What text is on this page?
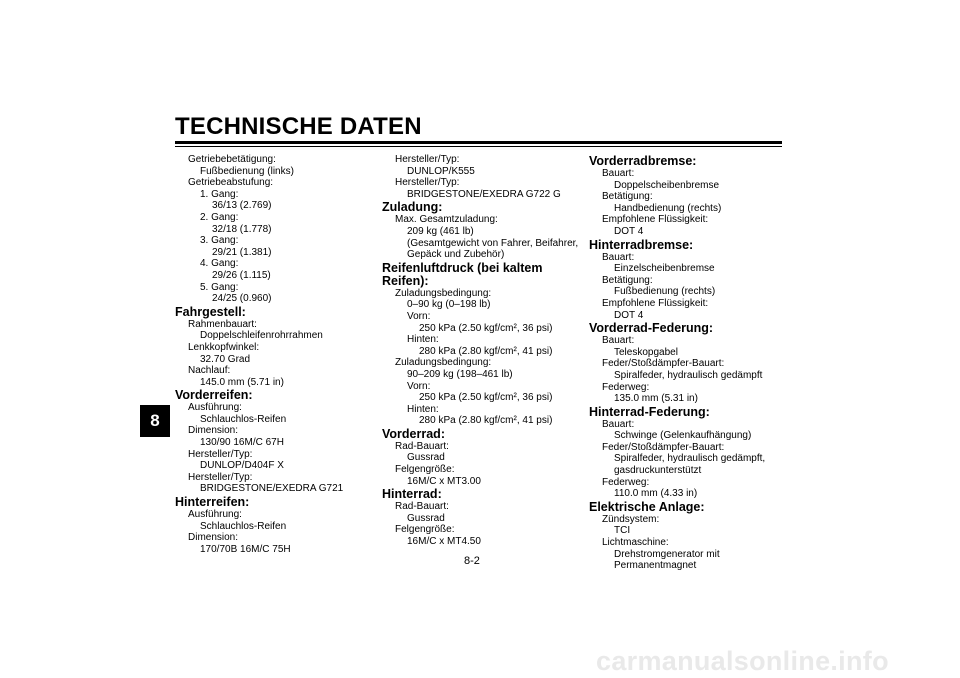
TECHNISCHE DATEN
8
Getriebebetätigung:
Fußbedienung (links)
Getriebeabstufung:
1. Gang:
36/13 (2.769)
2. Gang:
32/18 (1.778)
3. Gang:
29/21 (1.381)
4. Gang:
29/26 (1.115)
5. Gang:
24/25 (0.960)
Fahrgestell:
Rahmenbauart:
Doppelschleifenrohrrahmen
Lenkkopfwinkel:
32.70 Grad
Nachlauf:
145.0 mm (5.71 in)
Vorderreifen:
Ausführung:
Schlauchlos-Reifen
Dimension:
130/90 16M/C 67H
Hersteller/Typ:
DUNLOP/D404F X
Hersteller/Typ:
BRIDGESTONE/EXEDRA G721
Hinterreifen:
Ausführung:
Schlauchlos-Reifen
Dimension:
170/70B 16M/C 75H
Hersteller/Typ:
DUNLOP/K555
Hersteller/Typ:
BRIDGESTONE/EXEDRA G722 G
Zuladung:
Max. Gesamtzuladung:
209 kg (461 lb)
(Gesamtgewicht von Fahrer, Beifahrer,
Gepäck und Zubehör)
Reifenluftdruck (bei kaltem Reifen):
Zuladungsbedingung:
0–90 kg (0–198 lb)
Vorn:
250 kPa (2.50 kgf/cm², 36 psi)
Hinten:
280 kPa (2.80 kgf/cm², 41 psi)
Zuladungsbedingung:
90–209 kg (198–461 lb)
Vorn:
250 kPa (2.50 kgf/cm², 36 psi)
Hinten:
280 kPa (2.80 kgf/cm², 41 psi)
Vorderrad:
Rad-Bauart:
Gussrad
Felgengröße:
16M/C x MT3.00
Hinterrad:
Rad-Bauart:
Gussrad
Felgengröße:
16M/C x MT4.50
Vorderradbremse:
Bauart:
Doppelscheibenbremse
Betätigung:
Handbedienung (rechts)
Empfohlene Flüssigkeit:
DOT 4
Hinterradbremse:
Bauart:
Einzelscheibenbremse
Betätigung:
Fußbedienung (rechts)
Empfohlene Flüssigkeit:
DOT 4
Vorderrad-Federung:
Bauart:
Teleskopgabel
Feder/Stoßdämpfer-Bauart:
Spiralfeder, hydraulisch gedämpft
Federweg:
135.0 mm (5.31 in)
Hinterrad-Federung:
Bauart:
Schwinge (Gelenkaufhängung)
Feder/Stoßdämpfer-Bauart:
Spiralfeder, hydraulisch gedämpft,
gasdruckunterstützt
Federweg:
110.0 mm (4.33 in)
Elektrische Anlage:
Zündsystem:
TCI
Lichtmaschine:
Drehstromgenerator mit Permanentmagnet
8-2
carmanualsonline.info
